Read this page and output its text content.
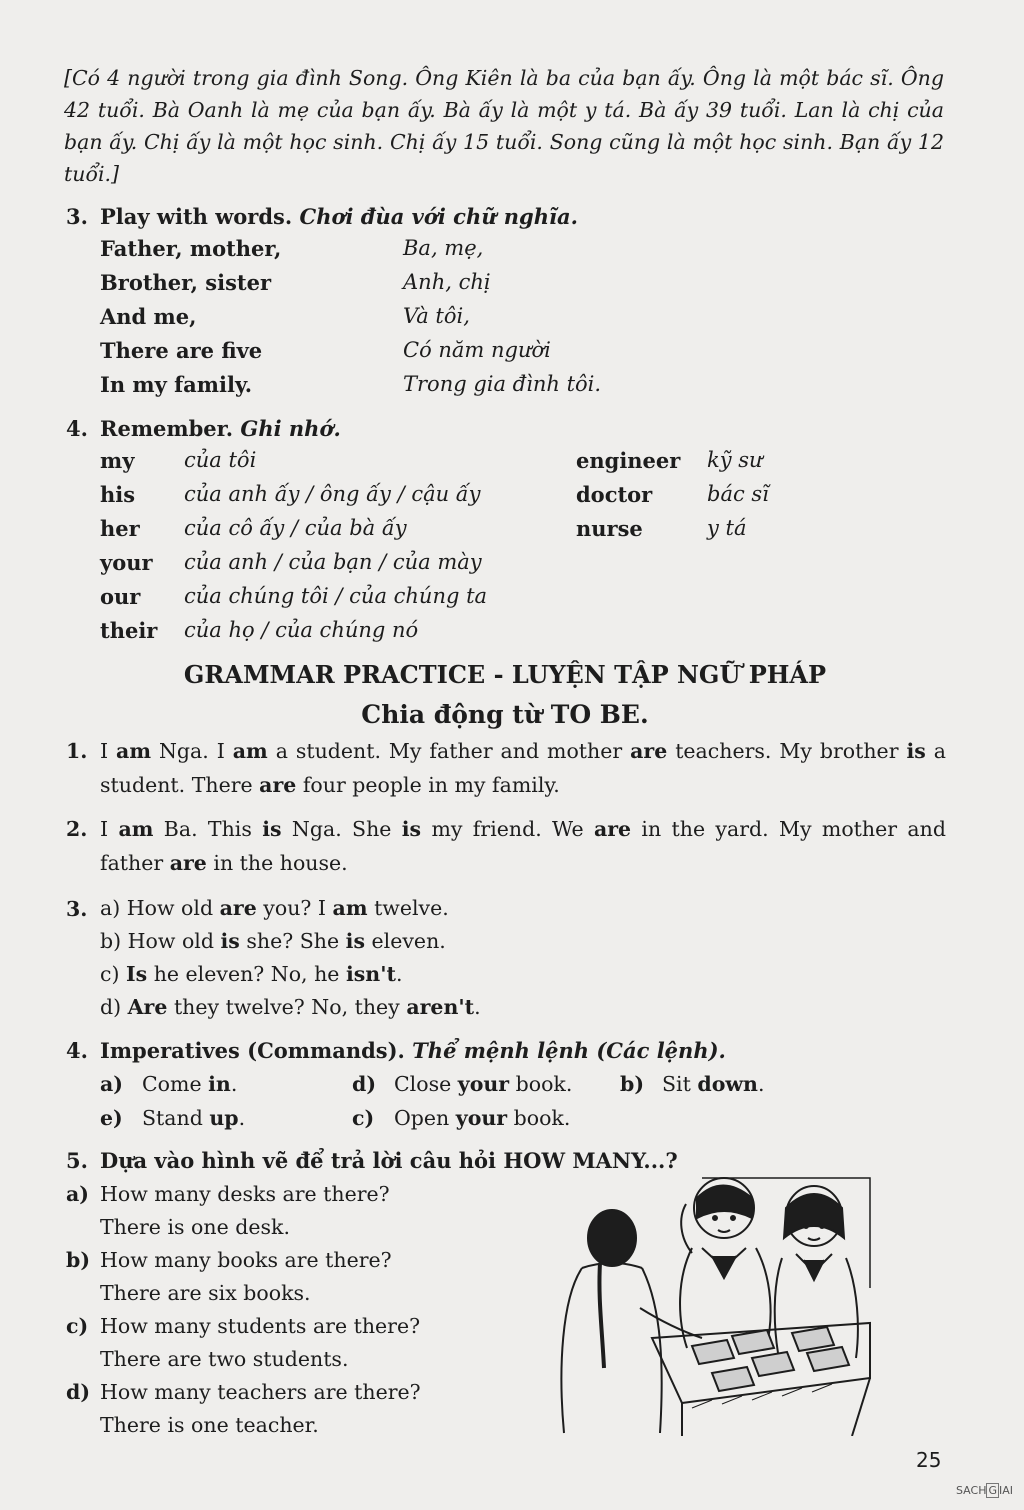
[Có 4 người trong gia đình Song. Ông Kiên là ba của bạn ấy. Ông là một bác sĩ. Ông 42 tuổi. Bà Oanh là mẹ của bạn ấy. Bà ấy là một y tá. Bà ấy 39 tuổi. Lan là chị của bạn ấy. Chị ấy là một học sinh. Chị ấy 15 tuổi. Song cũng là một học sinh. Bạn ấy 12 tuổi.]
3. Play with words. Chơi đùa với chữ nghĩa.
Father, mother,	Ba, mẹ,
Brother, sister	Anh, chị
And me,	Và tôi,
There are five	Có năm người
In my family.	Trong gia đình tôi.
4. Remember. Ghi nhớ.
my của tôi	engineer kỹ sư
his của anh ấy / ông ấy / cậu ấy	doctor	bác sĩ
her của cô ấy / của bà ấy	nurse	y tá
your của anh / của bạn / của mày
our của chúng tôi / của chúng ta
their của họ / của chúng nó
GRAMMAR PRACTICE - LUYỆN TẬP NGỮ PHÁP
Chia động từ TO BE.
1. I am Nga. I am a student. My father and mother are teachers. My brother is a student. There are four people in my family.
2. I am Ba. This is Nga. She is my friend. We are in the yard. My mother and father are in the house.
3. a) How old are you? I am twelve.
b) How old is she? She is eleven.
c) Is he eleven? No, he isn't.
d) Are they twelve? No, they aren't.
4. Imperatives (Commands). Thể mệnh lệnh (Các lệnh).
a) Come in.	d) Close your book. b) Sit down.
e) Stand up.	c) Open your book.
5. Dựa vào hình vẽ để trả lời câu hỏi HOW MANY...?
a) How many desks are there?
There is one desk.
b) How many books are there?
There are six books.
c) How many students are there?
There are two students.
d) How many teachers are there?
There is one teacher.
25
SACH G IAI
